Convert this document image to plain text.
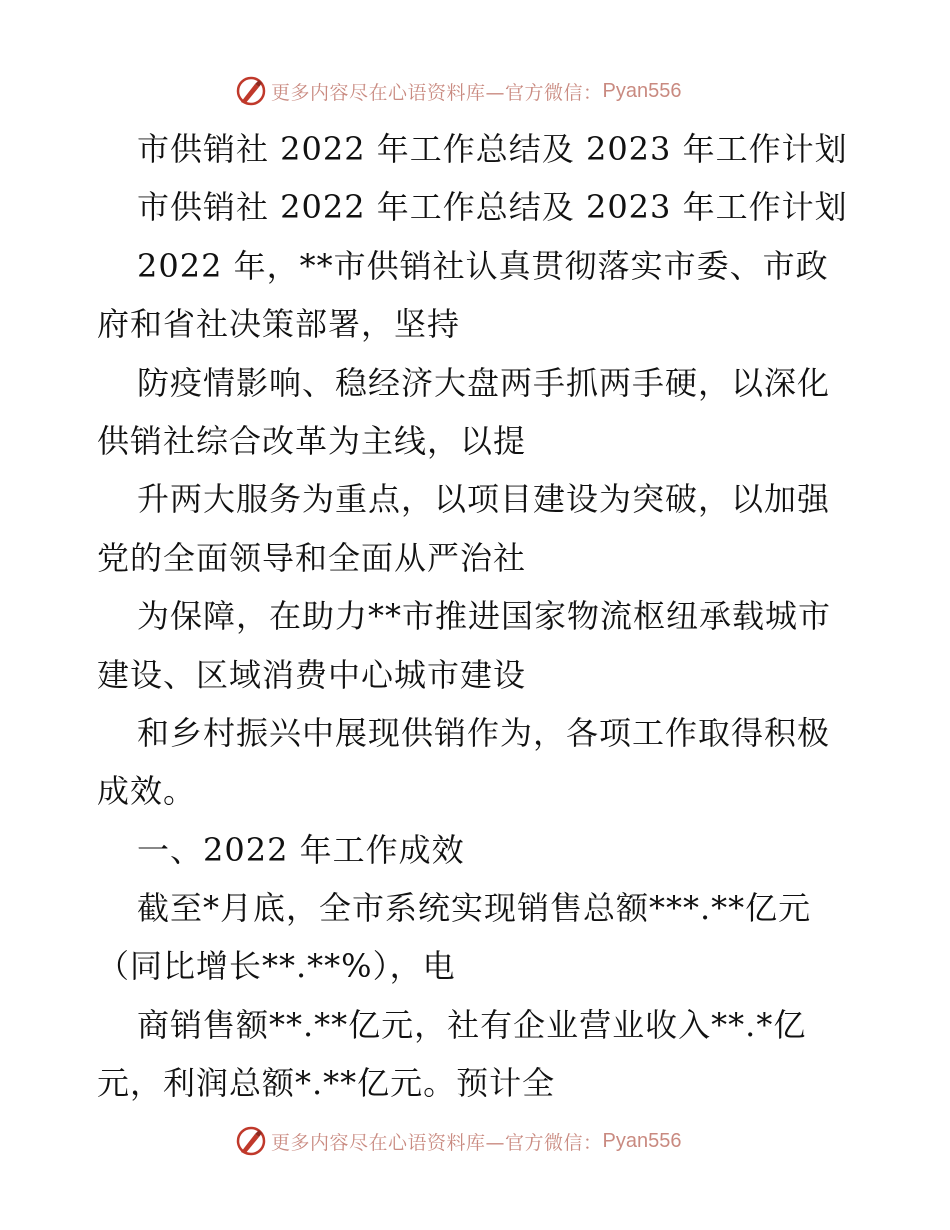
更多内容尽在心语资料库—官方微信： Pyan556
市供销社 2022 年工作总结及 2023 年工作计划
市供销社 2022 年工作总结及 2023 年工作计划
2022 年，**市供销社认真贯彻落实市委、市政
府和省社决策部署，坚持
防疫情影响、稳经济大盘两手抓两手硬，以深化
供销社综合改革为主线，以提
升两大服务为重点，以项目建设为突破，以加强
党的全面领导和全面从严治社
为保障，在助力**市推进国家物流枢纽承载城市
建设、区域消费中心城市建设
和乡村振兴中展现供销作为，各项工作取得积极
成效。
一、2022 年工作成效
截至*月底，全市系统实现销售总额***.**亿元
（同比增长**.**%），电
商销售额**.**亿元，社有企业营业收入**.*亿
元，利润总额*.**亿元。预计全
更多内容尽在心语资料库—官方微信： Pyan556
